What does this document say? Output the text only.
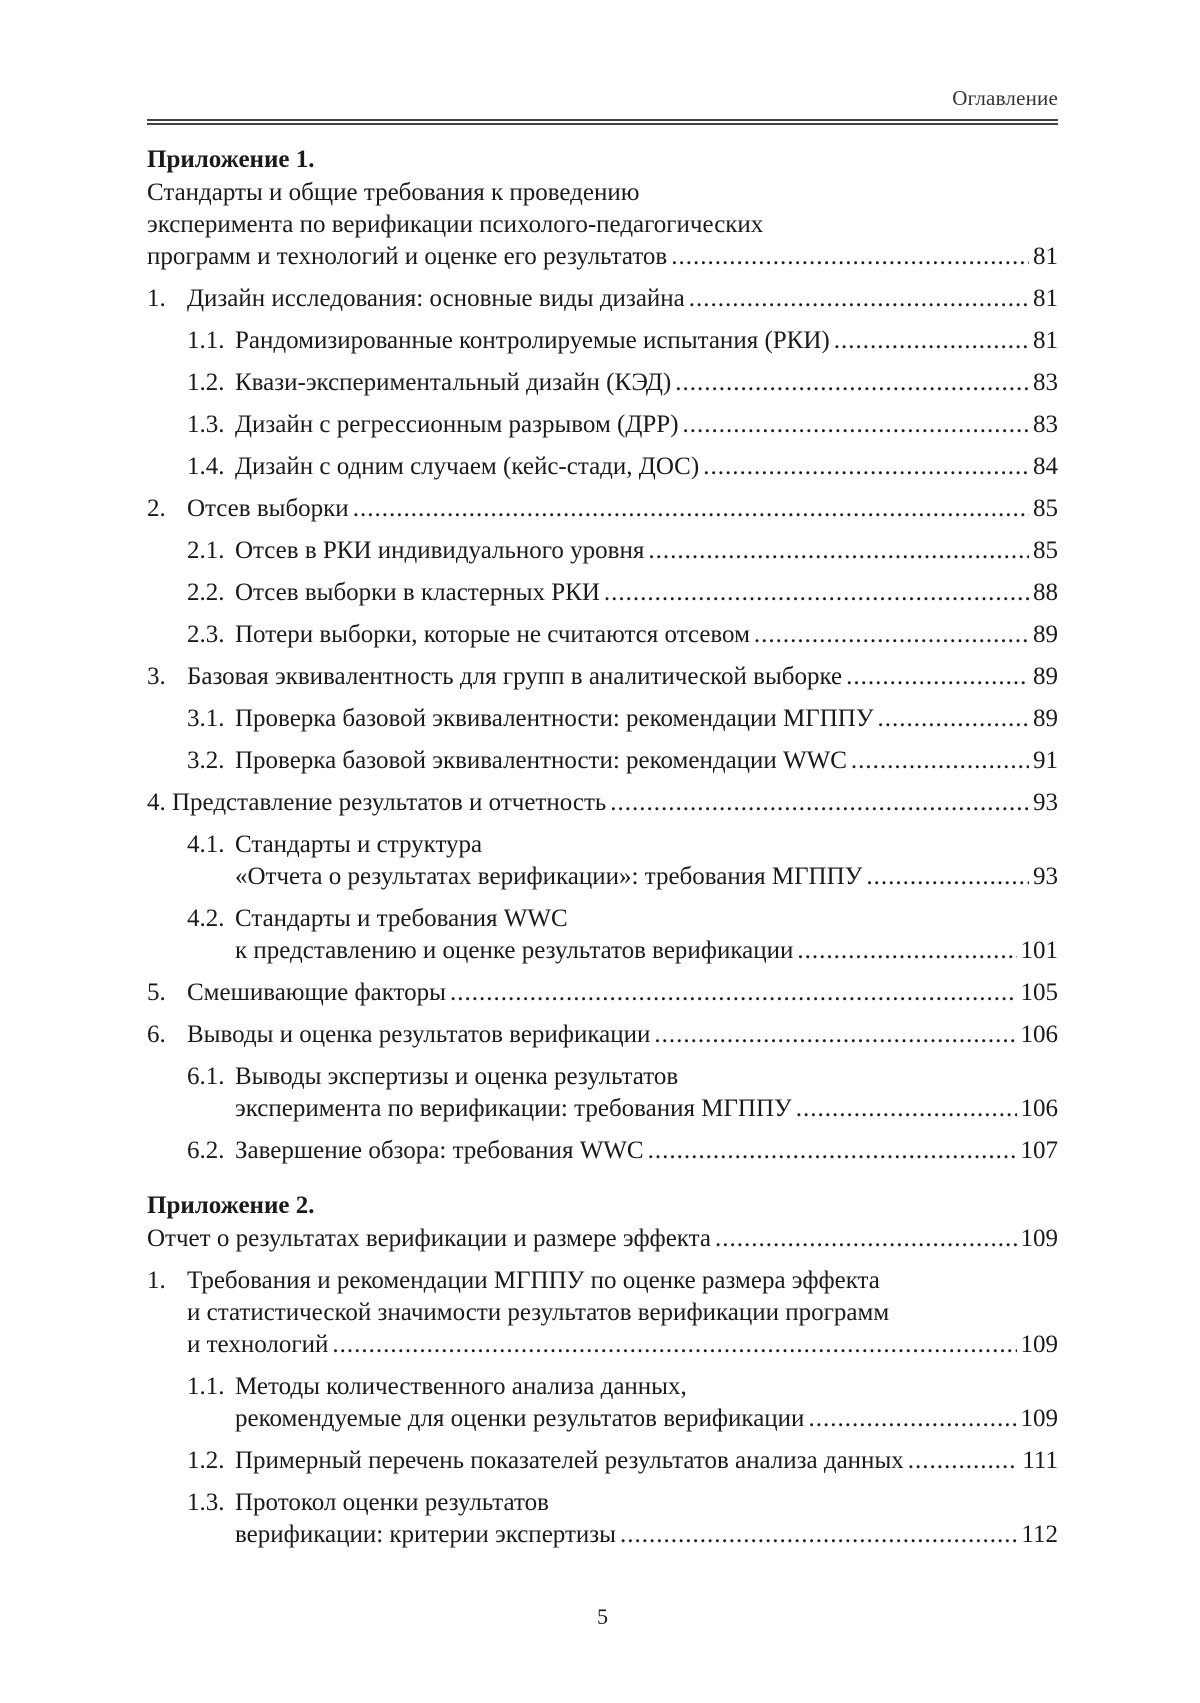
Оглавление
Приложение 1.
Стандарты и общие требования к проведению
эксперимента по верификации психолого-педагогических
программ и технологий и оценке его результатов .....	81
1. Дизайн исследования: основные виды дизайна .....	81
1.1. Рандомизированные контролируемые испытания (РКИ) .....	81
1.2. Квази-экспериментальный дизайн (КЭД) .....	83
1.3. Дизайн с регрессионным разрывом (ДРР) .....	83
1.4. Дизайн с одним случаем (кейс-стади, ДОС) .....	84
2. Отсев выборки .....	85
2.1. Отсев в РКИ индивидуального уровня .....	85
2.2. Отсев выборки в кластерных РКИ .....	88
2.3. Потери выборки, которые не считаются отсевом .....	89
3. Базовая эквивалентность для групп в аналитической выборке .....	89
3.1. Проверка базовой эквивалентности: рекомендации МГППУ .....	89
3.2. Проверка базовой эквивалентности: рекомендации WWC .....	91
4. Представление результатов и отчетность .....	93
4.1. Стандарты и структура
«Отчета о результатах верификации»: требования МГППУ .....	93
4.2. Стандарты и требования WWC
к представлению и оценке результатов верификации .....	101
5. Смешивающие факторы .....	105
6. Выводы и оценка результатов верификации .....	106
6.1. Выводы экспертизы и оценка результатов
эксперимента по верификации: требования МГППУ .....	106
6.2. Завершение обзора: требования WWC .....	107
Приложение 2.
Отчет о результатах верификации и размере эффекта .....	109
1. Требования и рекомендации МГППУ по оценке размера эффекта
и статистической значимости результатов верификации программ
и технологий .....	109
1.1. Методы количественного анализа данных,
рекомендуемые для оценки результатов верификации .....	109
1.2. Примерный перечень показателей результатов анализа данных .....	111
1.3. Протокол оценки результатов
верификации: критерии экспертизы .....	112
5
